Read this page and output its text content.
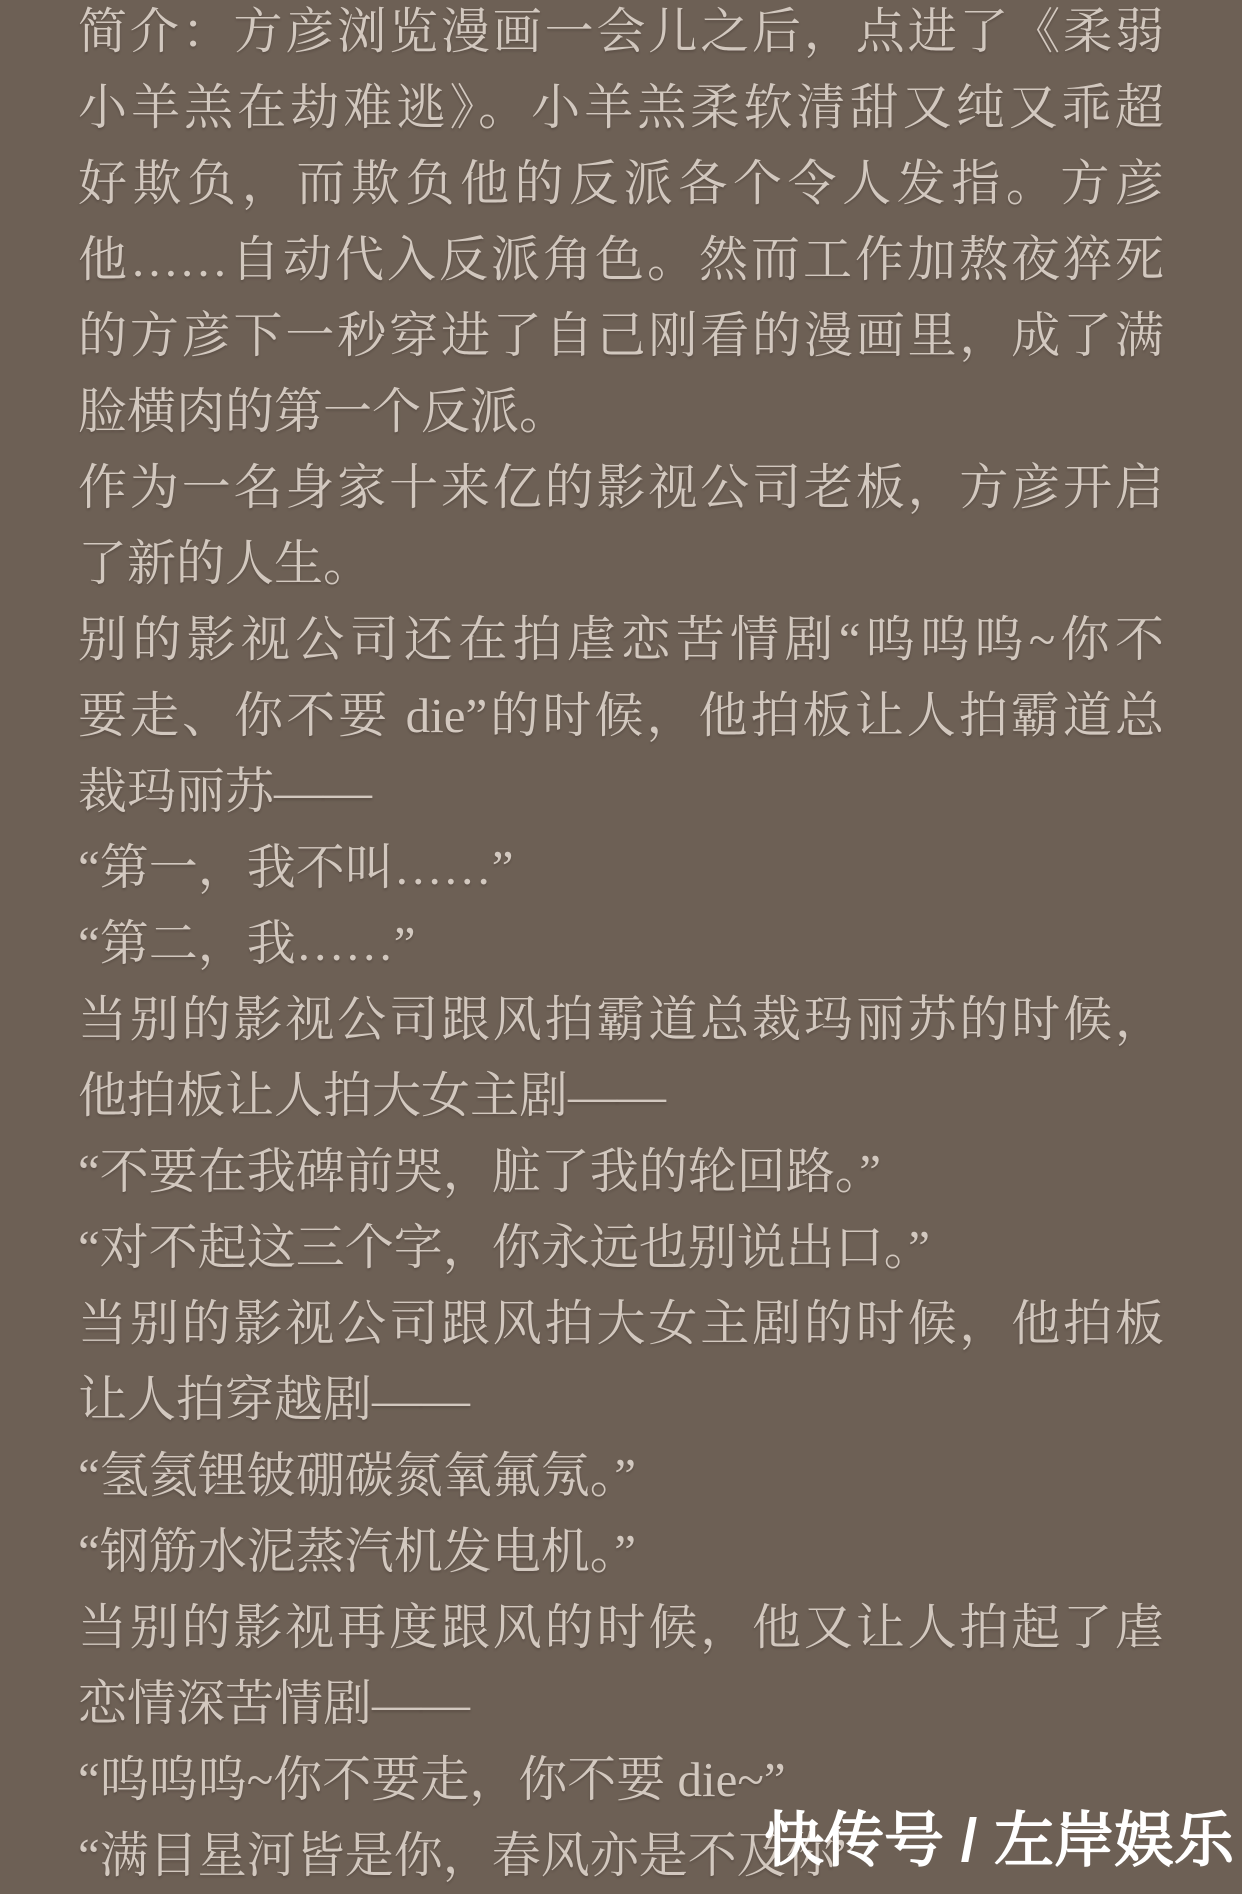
简介：方彦浏览漫画一会儿之后，点进了《柔弱
小羊羔在劫难逃》。小羊羔柔软清甜又纯又乖超
好欺负，而欺负他的反派各个令人发指。方彦
他……自动代入反派角色。然而工作加熬夜猝死
的方彦下一秒穿进了自己刚看的漫画里，成了满
脸横肉的第一个反派。
作为一名身家十来亿的影视公司老板，方彦开启
了新的人生。
别的影视公司还在拍虐恋苦情剧“呜呜呜~你不
要走、你不要 die”的时候，他拍板让人拍霸道总
裁玛丽苏——
“第一，我不叫……”
“第二，我……”
当别的影视公司跟风拍霸道总裁玛丽苏的时候，
他拍板让人拍大女主剧——
“不要在我碑前哭，脏了我的轮回路。”
“对不起这三个字，你永远也别说出口。”
当别的影视公司跟风拍大女主剧的时候，他拍板
让人拍穿越剧——
“氢氦锂铍硼碳氮氧氟氖。”
“钢筋水泥蒸汽机发电机。”
当别的影视再度跟风的时候，他又让人拍起了虐
恋情深苦情剧——
“呜呜呜~你不要走，你不要 die~”
“满目星河皆是你，春风亦是不及你”
快传号 / 左岸娱乐
